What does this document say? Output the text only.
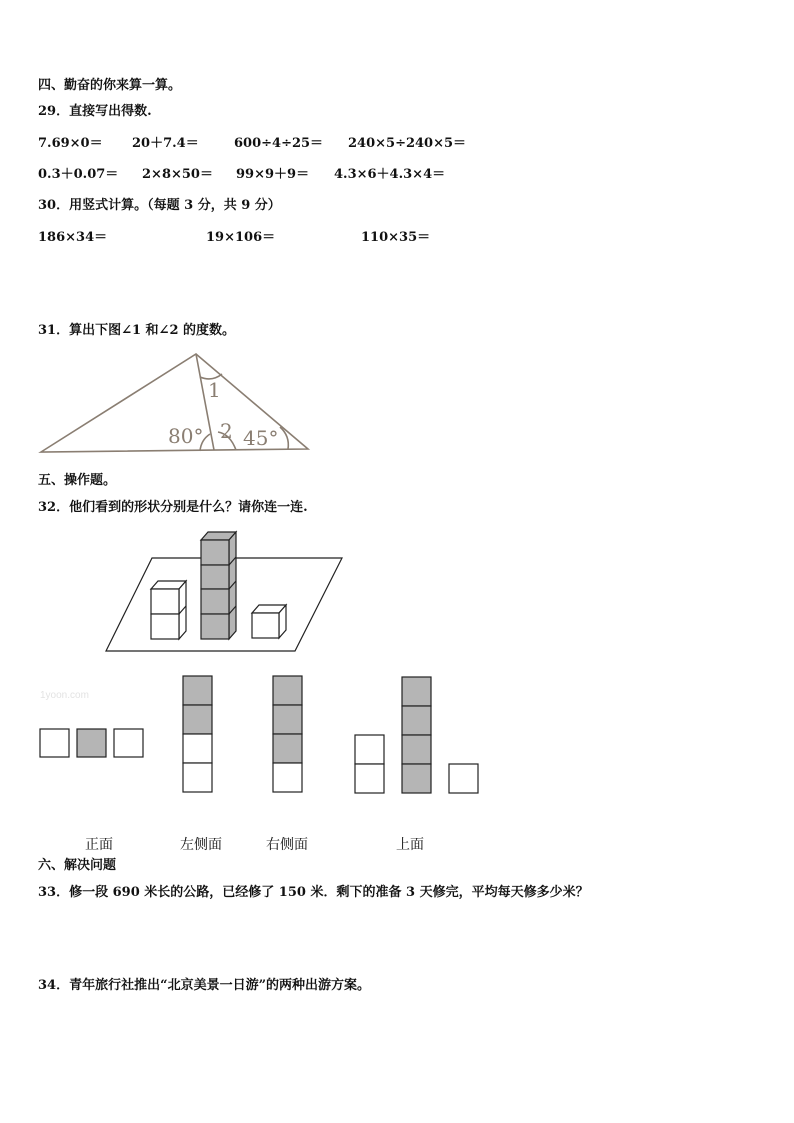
四、勤奋的你来算一算。
29．直接写出得数.
7.69×0＝ 20＋7.4＝	600÷4÷25＝ 240×5÷240×5＝
0.3＋0.07＝ 2×8×50＝ 99×9＋9＝ 4.3×6＋4.3×4＝
30．用竖式计算。（每题 3 分，共 9 分）
186×34＝	19×106＝	110×35＝
31．算出下图∠1 和∠2 的度数。
80° 2 45°
1
五、操作题。
32．他们看到的形状分别是什么？请你连一连.
1yoon.com
正面	左侧面	右侧面	上面
六、解决问题
33．修一段 690 米长的公路，已经修了 150 米．剩下的准备 3 天修完，平均每天修多少米？
34．青年旅行社推出“北京美景一日游”的两种出游方案。
